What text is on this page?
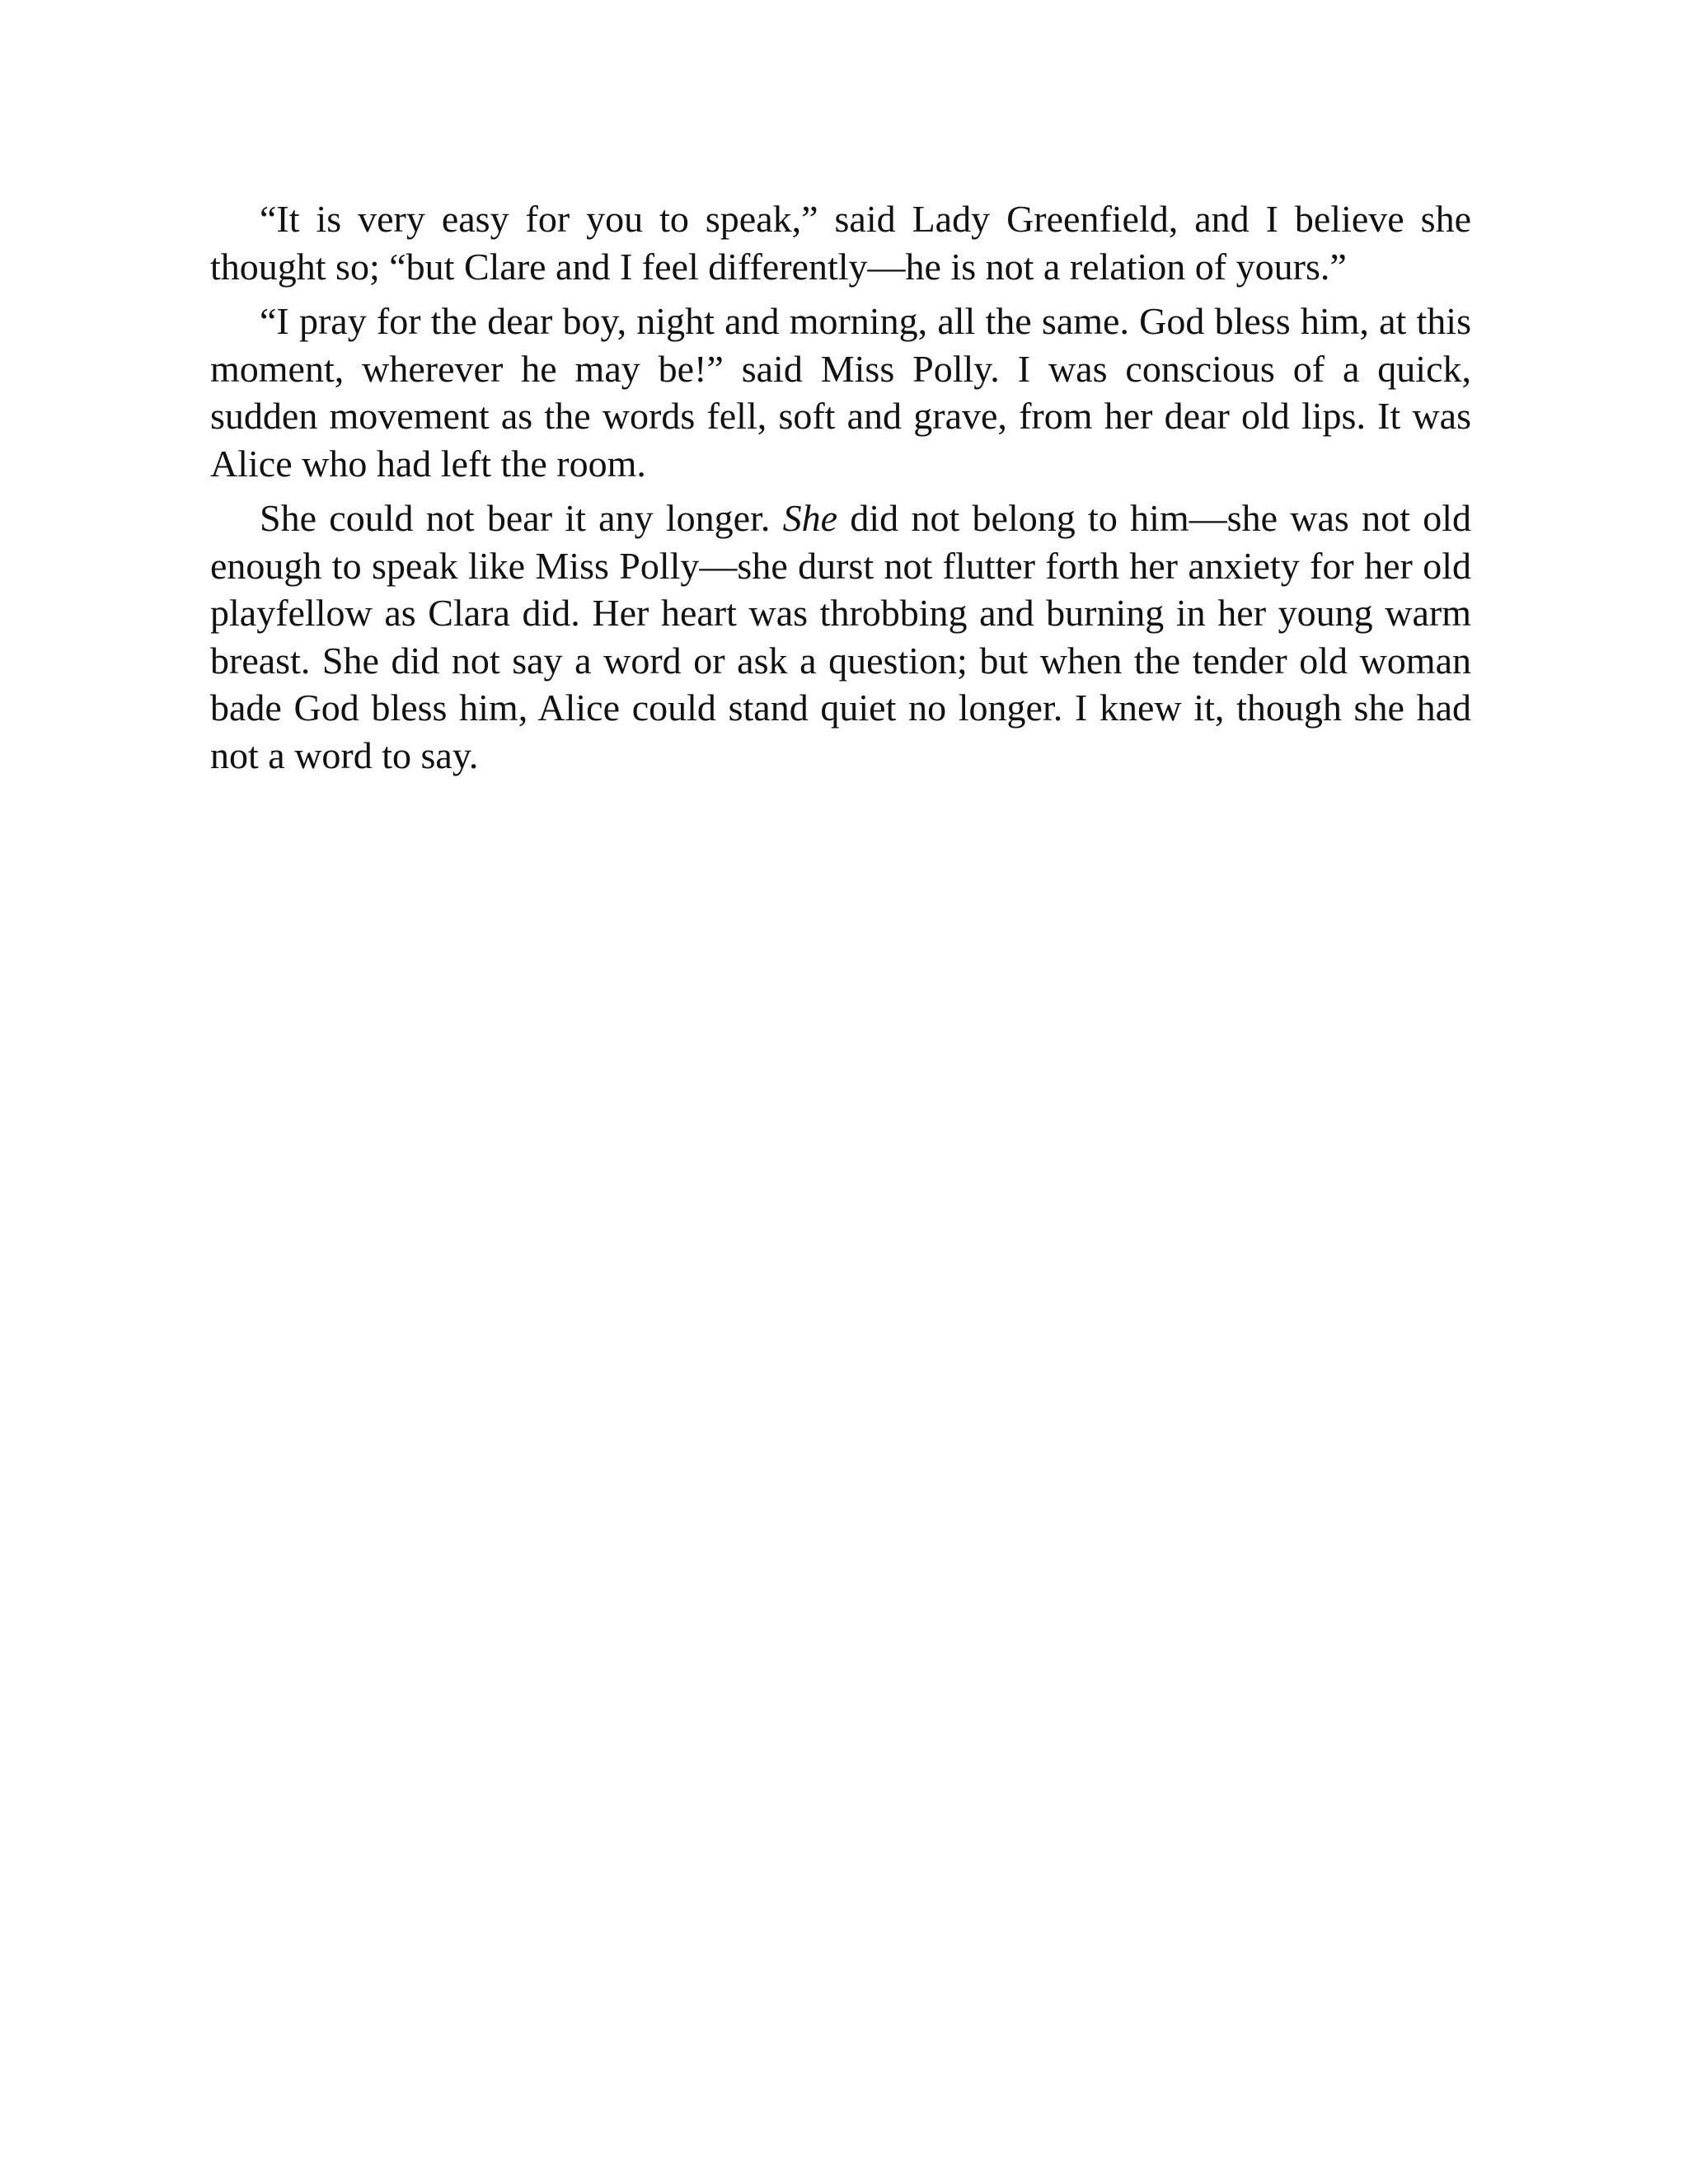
“It is very easy for you to speak,” said Lady Greenfield, and I believe she thought so; “but Clare and I feel differently—he is not a relation of yours.”

“I pray for the dear boy, night and morning, all the same. God bless him, at this moment, wherever he may be!” said Miss Polly. I was conscious of a quick, sudden movement as the words fell, soft and grave, from her dear old lips. It was Alice who had left the room.

She could not bear it any longer. She did not belong to him—she was not old enough to speak like Miss Polly—she durst not flutter forth her anxiety for her old playfellow as Clara did. Her heart was throbbing and burning in her young warm breast. She did not say a word or ask a question; but when the tender old woman bade God bless him, Alice could stand quiet no longer. I knew it, though she had not a word to say.
